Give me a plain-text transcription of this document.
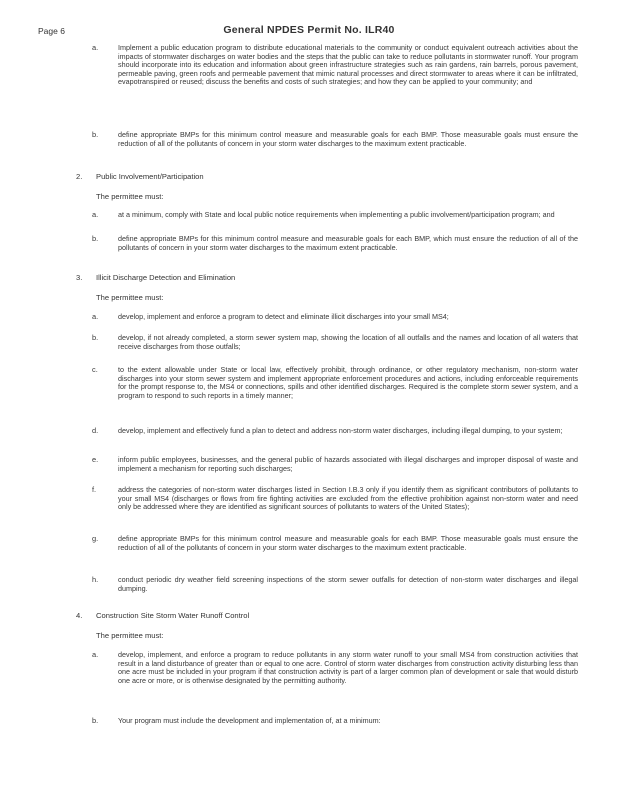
Page 6	General NPDES Permit No. ILR40
a.	Implement a public education program to distribute educational materials to the community or conduct equivalent outreach activities about the impacts of stormwater discharges on water bodies and the steps that the public can take to reduce pollutants in stormwater runoff. Your program should incorporate into its education and information about green infrastructure strategies such as rain gardens, rain barrels, porous pavement, permeable paving, green roofs and permeable pavement that mimic natural processes and direct stormwater to areas where it can be infiltrated, evapotranspired or reused; discuss the benefits and costs of such strategies; and how they can be applied to your community; and
b.	define appropriate BMPs for this minimum control measure and measurable goals for each BMP. Those measurable goals must ensure the reduction of all of the pollutants of concern in your storm water discharges to the maximum extent practicable.
2. Public Involvement/Participation
The permittee must:
a.	at a minimum, comply with State and local public notice requirements when implementing a public involvement/participation program; and
b.	define appropriate BMPs for this minimum control measure and measurable goals for each BMP, which must ensure the reduction of all of the pollutants of concern in your storm water discharges to the maximum extent practicable.
3. Illicit Discharge Detection and Elimination
The permittee must:
a.	develop, implement and enforce a program to detect and eliminate illicit discharges into your small MS4;
b.	develop, if not already completed, a storm sewer system map, showing the location of all outfalls and the names and location of all waters that receive discharges from those outfalls;
c.	to the extent allowable under State or local law, effectively prohibit, through ordinance, or other regulatory mechanism, non-storm water discharges into your storm sewer system and implement appropriate enforcement procedures and actions, including enforceable requirements for the prompt response to, the MS4 or connections, spills and other identified discharges. Required is the complete storm sewer system, and a program to respond to such reports in a timely manner;
d.	develop, implement and effectively fund a plan to detect and address non-storm water discharges, including illegal dumping, to your system;
e.	inform public employees, businesses, and the general public of hazards associated with illegal discharges and improper disposal of waste and implement a mechanism for reporting such discharges;
f.	address the categories of non-storm water discharges listed in Section I.B.3 only if you identify them as significant contributors of pollutants to your small MS4 (discharges or flows from fire fighting activities are excluded from the effective prohibition against non-storm water and need only be addressed where they are identified as significant sources of pollutants to waters of the United States);
g.	define appropriate BMPs for this minimum control measure and measurable goals for each BMP. Those measurable goals must ensure the reduction of all of the pollutants of concern in your storm water discharges to the maximum extent practicable.
h.	conduct periodic dry weather field screening inspections of the storm sewer outfalls for detection of non-storm water discharges and illegal dumping.
4. Construction Site Storm Water Runoff Control
The permittee must:
a.	develop, implement, and enforce a program to reduce pollutants in any storm water runoff to your small MS4 from construction activities that result in a land disturbance of greater than or equal to one acre. Control of storm water discharges from construction activity disturbing less than one acre must be included in your program if that construction activity is part of a larger common plan of development or sale that would disturb one acre or more, or is otherwise designated by the permitting authority.
b.	Your program must include the development and implementation of, at a minimum:
